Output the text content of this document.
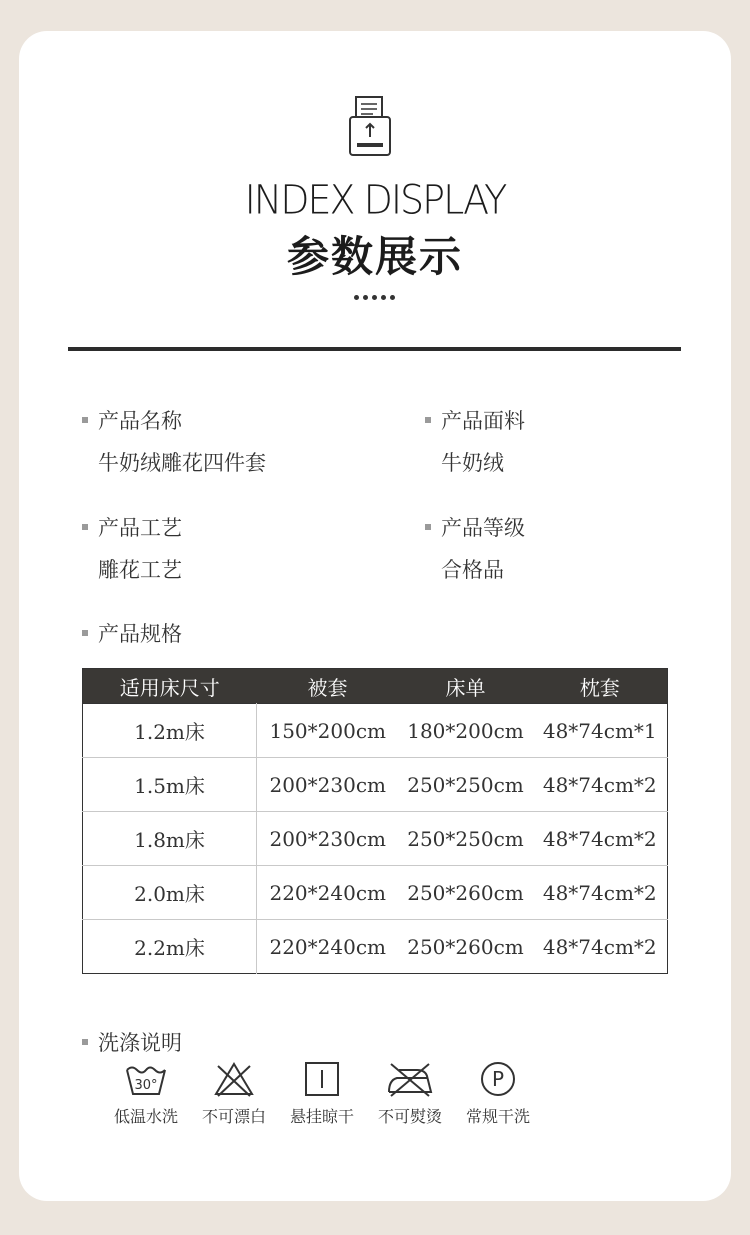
INDEX DISPLAY
参数展示
产品名称
牛奶绒雕花四件套
产品面料
牛奶绒
产品工艺
雕花工艺
产品等级
合格品
产品规格
适用床尺寸	被套	床单	枕套
1.2m床	150*200cm	180*200cm	48*74cm*1
1.5m床	200*230cm	250*250cm	48*74cm*2
1.8m床	200*230cm	250*250cm	48*74cm*2
2.0m床	220*240cm	250*260cm	48*74cm*2
2.2m床	220*240cm	250*260cm	48*74cm*2
洗涤说明
30°
低温水洗	不可漂白	悬挂晾干	不可熨烫
P
常规干洗
